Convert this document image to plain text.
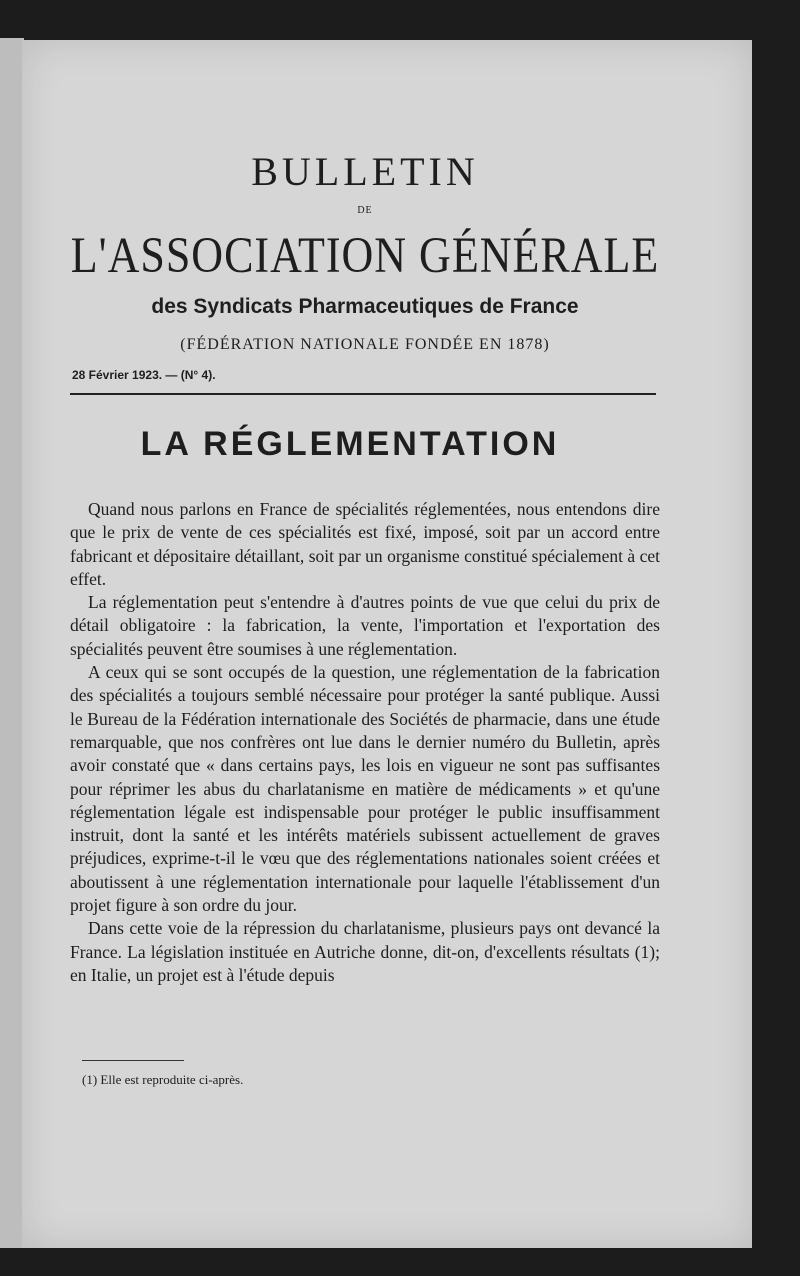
BULLETIN
DE
L'ASSOCIATION GÉNÉRALE
des Syndicats Pharmaceutiques de France
(FÉDÉRATION NATIONALE FONDÉE EN 1878)
28 Février 1923. — (N° 4).
LA RÉGLEMENTATION

Quand nous parlons en France de spécialités réglementées, nous entendons dire que le prix de vente de ces spécialités est fixé, imposé, soit par un accord entre fabricant et dépositaire détaillant, soit par un organisme constitué spécialement à cet effet.

La réglementation peut s'entendre à d'autres points de vue que celui du prix de détail obligatoire : la fabrication, la vente, l'importation et l'exportation des spécialités peuvent être soumises à une réglementation.

A ceux qui se sont occupés de la question, une réglementation de la fabrication des spécialités a toujours semblé nécessaire pour protéger la santé publique. Aussi le Bureau de la Fédération internationale des Sociétés de pharmacie, dans une étude remarquable, que nos confrères ont lue dans le dernier numéro du Bulletin, après avoir constaté que « dans certains pays, les lois en vigueur ne sont pas suffisantes pour réprimer les abus du charlatanisme en matière de médicaments » et qu'une réglementation légale est indispensable pour protéger le public insuffisamment instruit, dont la santé et les intérêts matériels subissent actuellement de graves préjudices, exprime-t-il le vœu que des réglementations nationales soient créées et aboutissent à une réglementation internationale pour laquelle l'établissement d'un projet figure à son ordre du jour.

Dans cette voie de la répression du charlatanisme, plusieurs pays ont devancé la France. La législation instituée en Autriche donne, dit-on, d'excellents résultats (1); en Italie, un projet est à l'étude depuis

(1) Elle est reproduite ci-après.
